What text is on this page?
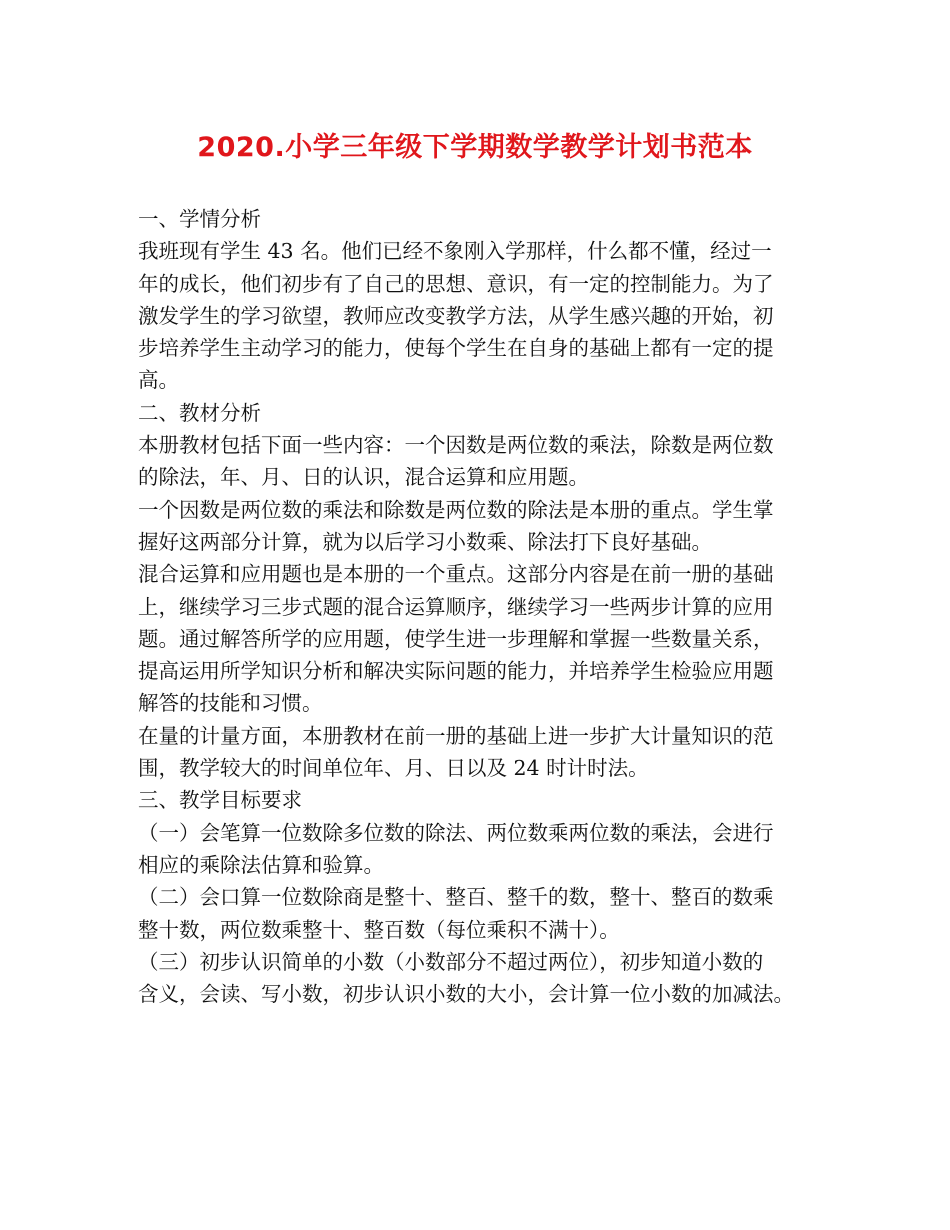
2020.小学三年级下学期数学教学计划书范本
一、学情分析
我班现有学生 43 名。他们已经不象刚入学那样，什么都不懂，经过一
年的成长，他们初步有了自己的思想、意识，有一定的控制能力。为了
激发学生的学习欲望，教师应改变教学方法，从学生感兴趣的开始，初
步培养学生主动学习的能力，使每个学生在自身的基础上都有一定的提
高。
二、教材分析
本册教材包括下面一些内容：一个因数是两位数的乘法，除数是两位数
的除法，年、月、日的认识，混合运算和应用题。
一个因数是两位数的乘法和除数是两位数的除法是本册的重点。学生掌
握好这两部分计算，就为以后学习小数乘、除法打下良好基础。
混合运算和应用题也是本册的一个重点。这部分内容是在前一册的基础
上，继续学习三步式题的混合运算顺序，继续学习一些两步计算的应用
题。通过解答所学的应用题，使学生进一步理解和掌握一些数量关系，
提高运用所学知识分析和解决实际问题的能力，并培养学生检验应用题
解答的技能和习惯。
在量的计量方面，本册教材在前一册的基础上进一步扩大计量知识的范
围，教学较大的时间单位年、月、日以及 24 时计时法。
三、教学目标要求
（一）会笔算一位数除多位数的除法、两位数乘两位数的乘法，会进行
相应的乘除法估算和验算。
（二）会口算一位数除商是整十、整百、整千的数，整十、整百的数乘
整十数，两位数乘整十、整百数（每位乘积不满十）。
（三）初步认识简单的小数（小数部分不超过两位），初步知道小数的
含义，会读、写小数，初步认识小数的大小，会计算一位小数的加减法。
